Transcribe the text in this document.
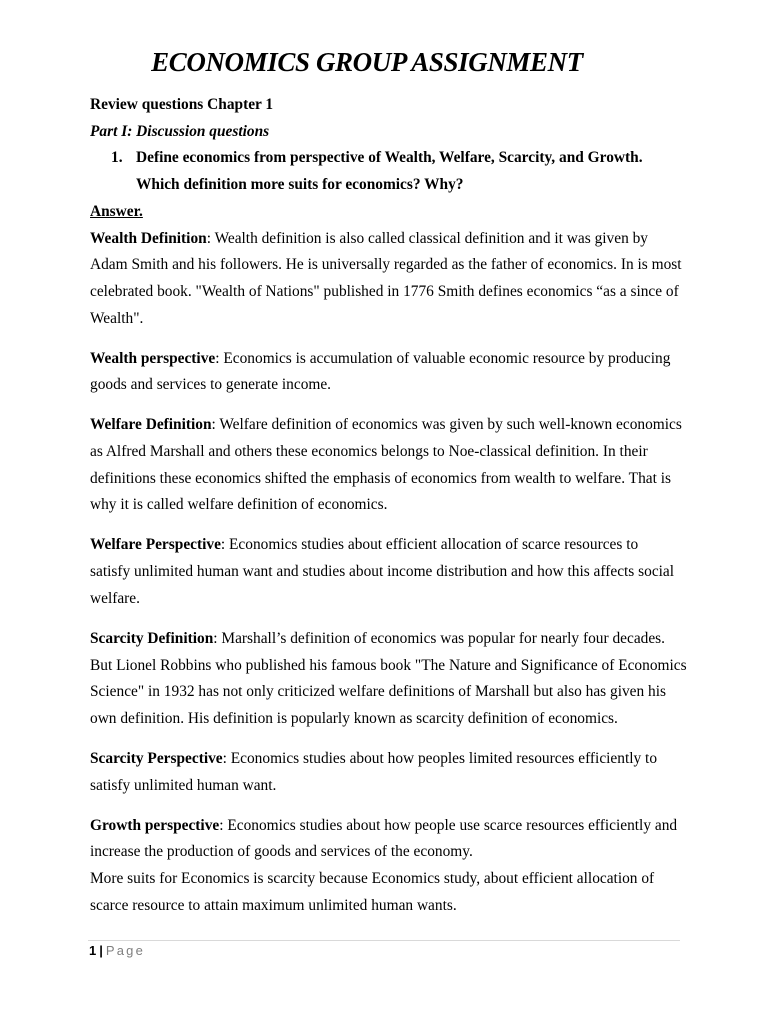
ECONOMICS GROUP ASSIGNMENT
Review questions Chapter 1
Part I: Discussion questions
1. Define economics from perspective of Wealth, Welfare, Scarcity, and Growth.
Which definition more suits for economics? Why?
Answer.
Wealth Definition: Wealth definition is also called classical definition and it was given by
Adam Smith and his followers. He is universally regarded as the father of economics. In is most
celebrated book. "Wealth of Nations" published in 1776 Smith defines economics “as a since of
Wealth".
Wealth perspective: Economics is accumulation of valuable economic resource by producing
goods and services to generate income.
Welfare Definition: Welfare definition of economics was given by such well-known economics
as Alfred Marshall and others these economics belongs to Noe-classical definition. In their
definitions these economics shifted the emphasis of economics from wealth to welfare. That is
why it is called welfare definition of economics.
Welfare Perspective: Economics studies about efficient allocation of scarce resources to
satisfy unlimited human want and studies about income distribution and how this affects social
welfare.
Scarcity Definition: Marshall’s definition of economics was popular for nearly four decades.
But Lionel Robbins who published his famous book "The Nature and Significance of Economics
Science" in 1932 has not only criticized welfare definitions of Marshall but also has given his
own definition. His definition is popularly known as scarcity definition of economics.
Scarcity Perspective: Economics studies about how peoples limited resources efficiently to
satisfy unlimited human want.
Growth perspective: Economics studies about how people use scarce resources efficiently and
increase the production of goods and services of the economy.
More suits for Economics is scarcity because Economics study, about efficient allocation of
scarce resource to attain maximum unlimited human wants.
1 | Page
